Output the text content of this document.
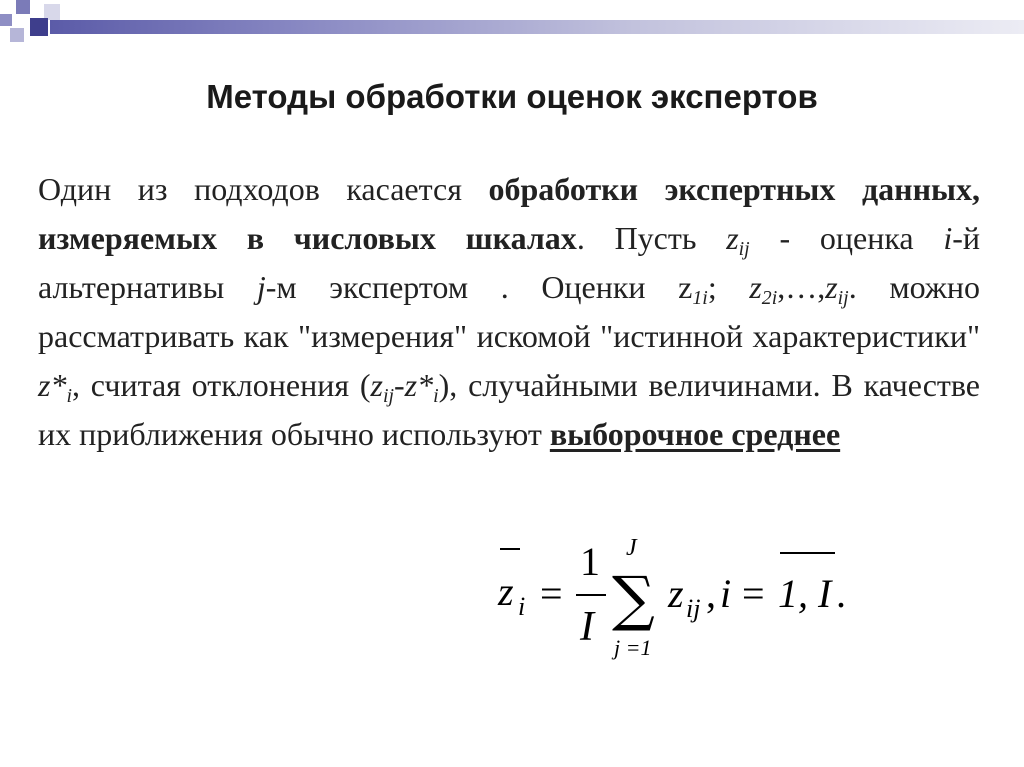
Методы обработки оценок экспертов
Один из подходов касается обработки экспертных данных, измеряемых в числовых шкалах. Пусть $z_{ij}$ - оценка i-й альтернативы j-м экспертом . Оценки $z_{1i}$; $z_{2i},\dots,z_{ij}$. можно рассматривать как "измерения" искомой "истинной характеристики" $z*_i$, считая отклонения $(z_{ij}-z*_i)$, случайными величинами. В качестве их приближения обычно используют выборочное среднее
z i =
1
I
J
∑
j =1
z ij , i = 1, I .
